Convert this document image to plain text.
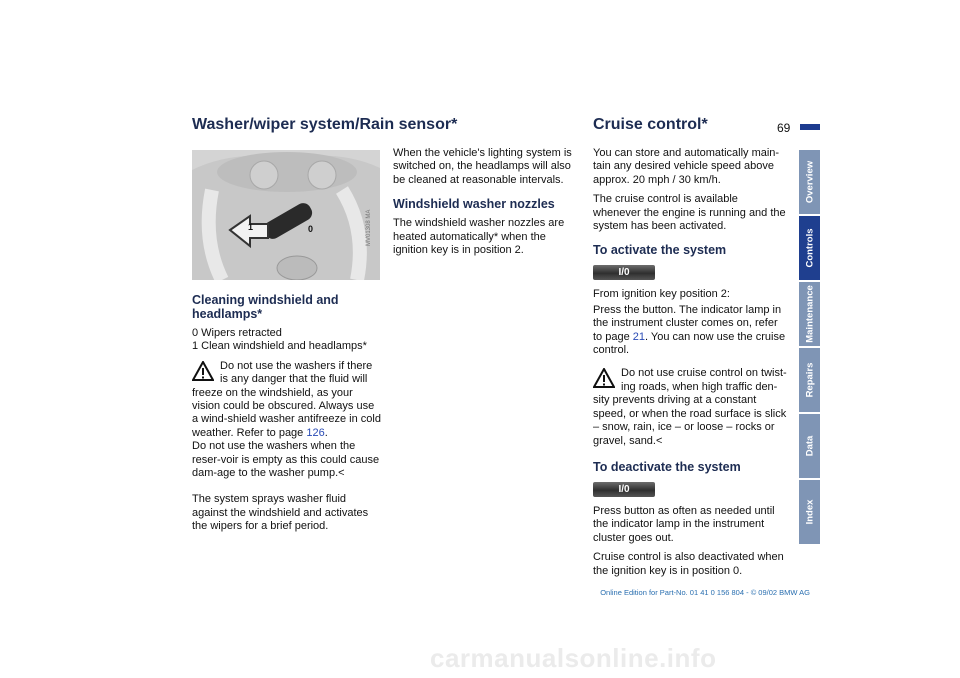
Washer/wiper system/Rain sensor*	Cruise control*	69
1	0	MV01308 MA
Cleaning windshield and headlamps*

0 Wipers retracted

1 Clean windshield and headlamps*

Do not use the washers if there is any danger that the fluid will freeze on the windshield, as your vision could be obscured. Always use a wind-shield washer antifreeze in cold weather. Refer to page 126.
Do not use the washers when the reser-voir is empty as this could cause dam-age to the washer pump.<

The system sprays washer fluid against the windshield and activates the wipers for a brief period.

When the vehicle's lighting system is switched on, the headlamps will also be cleaned at reasonable intervals.

Windshield washer nozzles

The windshield washer nozzles are heated automatically* when the ignition key is in position 2.

You can store and automatically main-tain any desired vehicle speed above approx. 20 mph / 30 km/h.

The cruise control is available whenever the engine is running and the system has been activated.

To activate the system
I/0

From ignition key position 2:

Press the button. The indicator lamp in the instrument cluster comes on, refer to page 21. You can now use the cruise control.

Do not use cruise control on twist-ing roads, when high traffic den-sity prevents driving at a constant speed, or when the road surface is slick – snow, rain, ice – or loose – rocks or gravel, sand.<
To deactivate the system
I/0

Press button as often as needed until the indicator lamp in the instrument cluster goes out.

Cruise control is also deactivated when the ignition key is in position 0.

Overview
Controls
Maintenance
Repairs
Data
Index
Online Edition for Part-No. 01 41 0 156 804 - © 09/02 BMW AG
carmanualsonline.info
